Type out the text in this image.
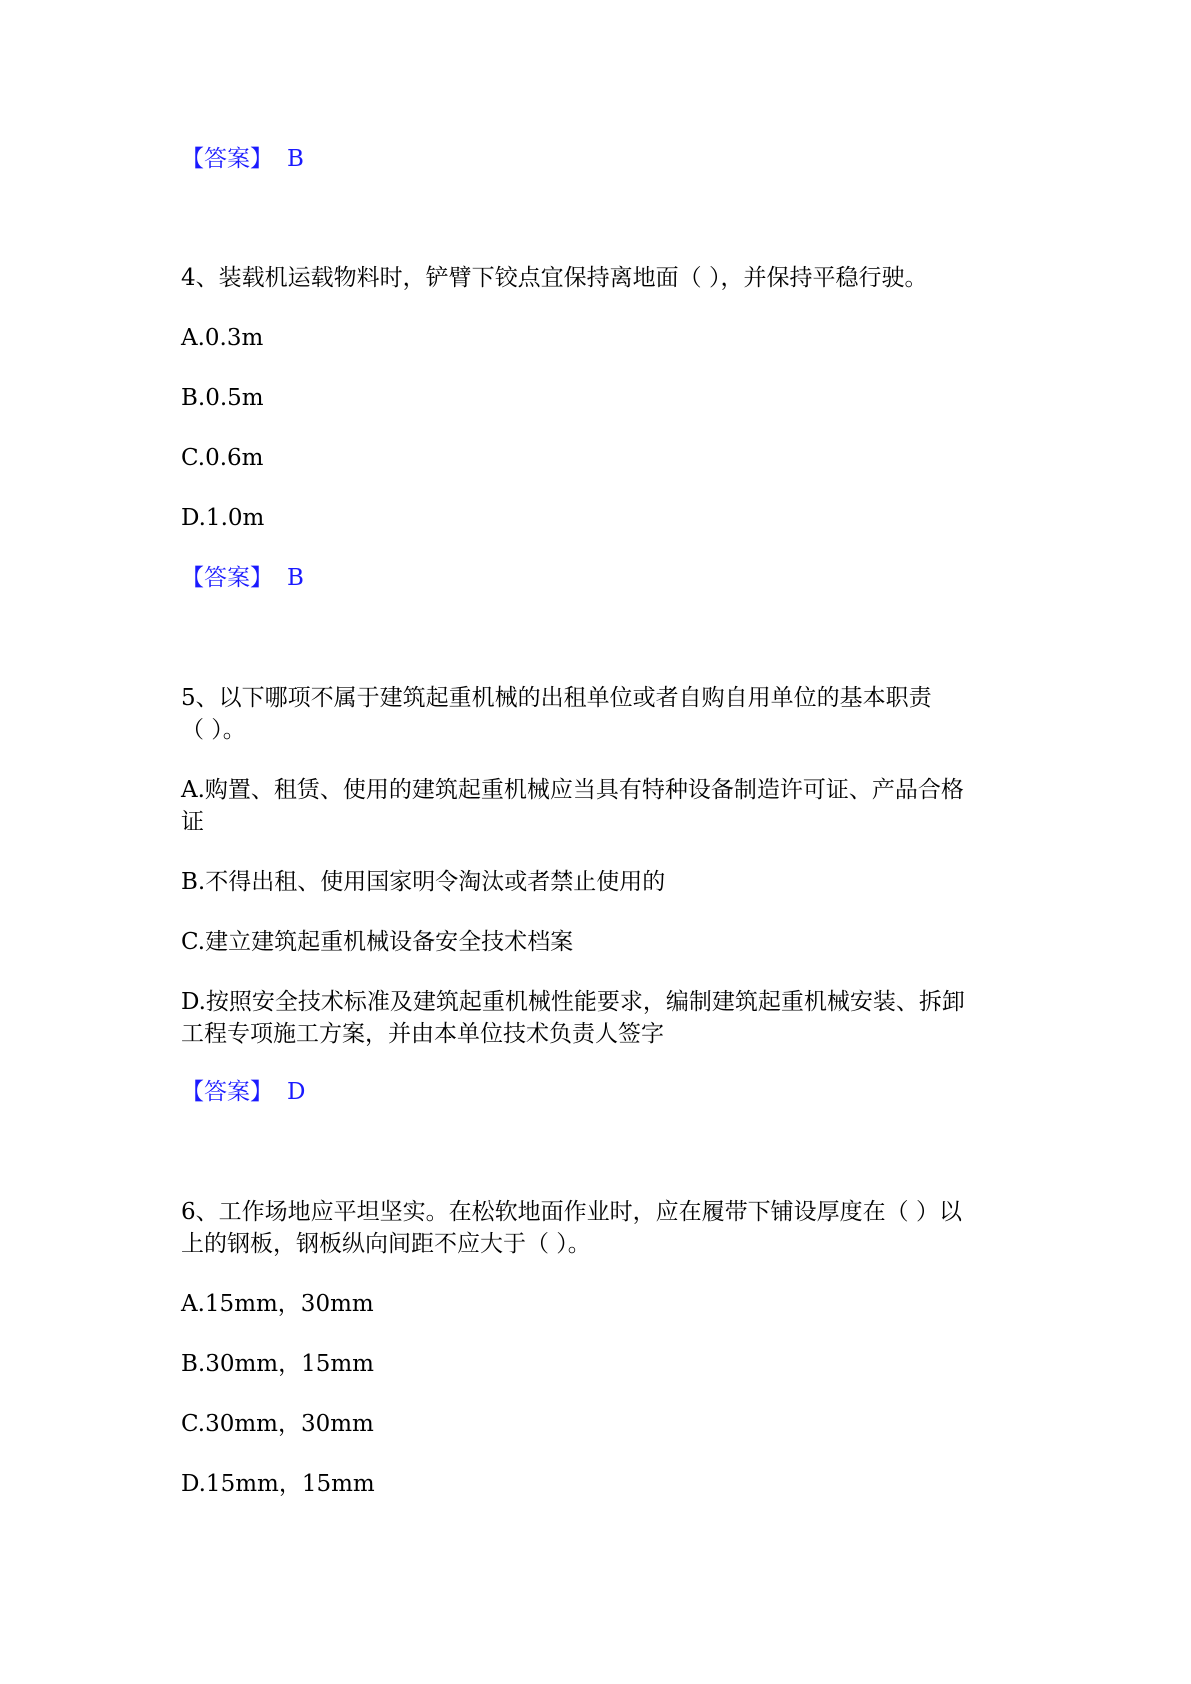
【答案】 B
4、装载机运载物料时，铲臂下铰点宜保持离地面（ ），并保持平稳行驶。
A.0.3m
B.0.5m
C.0.6m
D.1.0m
【答案】 B
5、以下哪项不属于建筑起重机械的出租单位或者自购自用单位的基本职责
（ ）。
A.购置、租赁、使用的建筑起重机械应当具有特种设备制造许可证、产品合格
证
B.不得出租、使用国家明令淘汰或者禁止使用的
C.建立建筑起重机械设备安全技术档案
D.按照安全技术标准及建筑起重机械性能要求，编制建筑起重机械安装、拆卸
工程专项施工方案，并由本单位技术负责人签字
【答案】 D
6、工作场地应平坦坚实。在松软地面作业时，应在履带下铺设厚度在（ ）以
上的钢板，钢板纵向间距不应大于（ ）。
A.15mm，30mm
B.30mm，15mm
C.30mm，30mm
D.15mm，15mm
